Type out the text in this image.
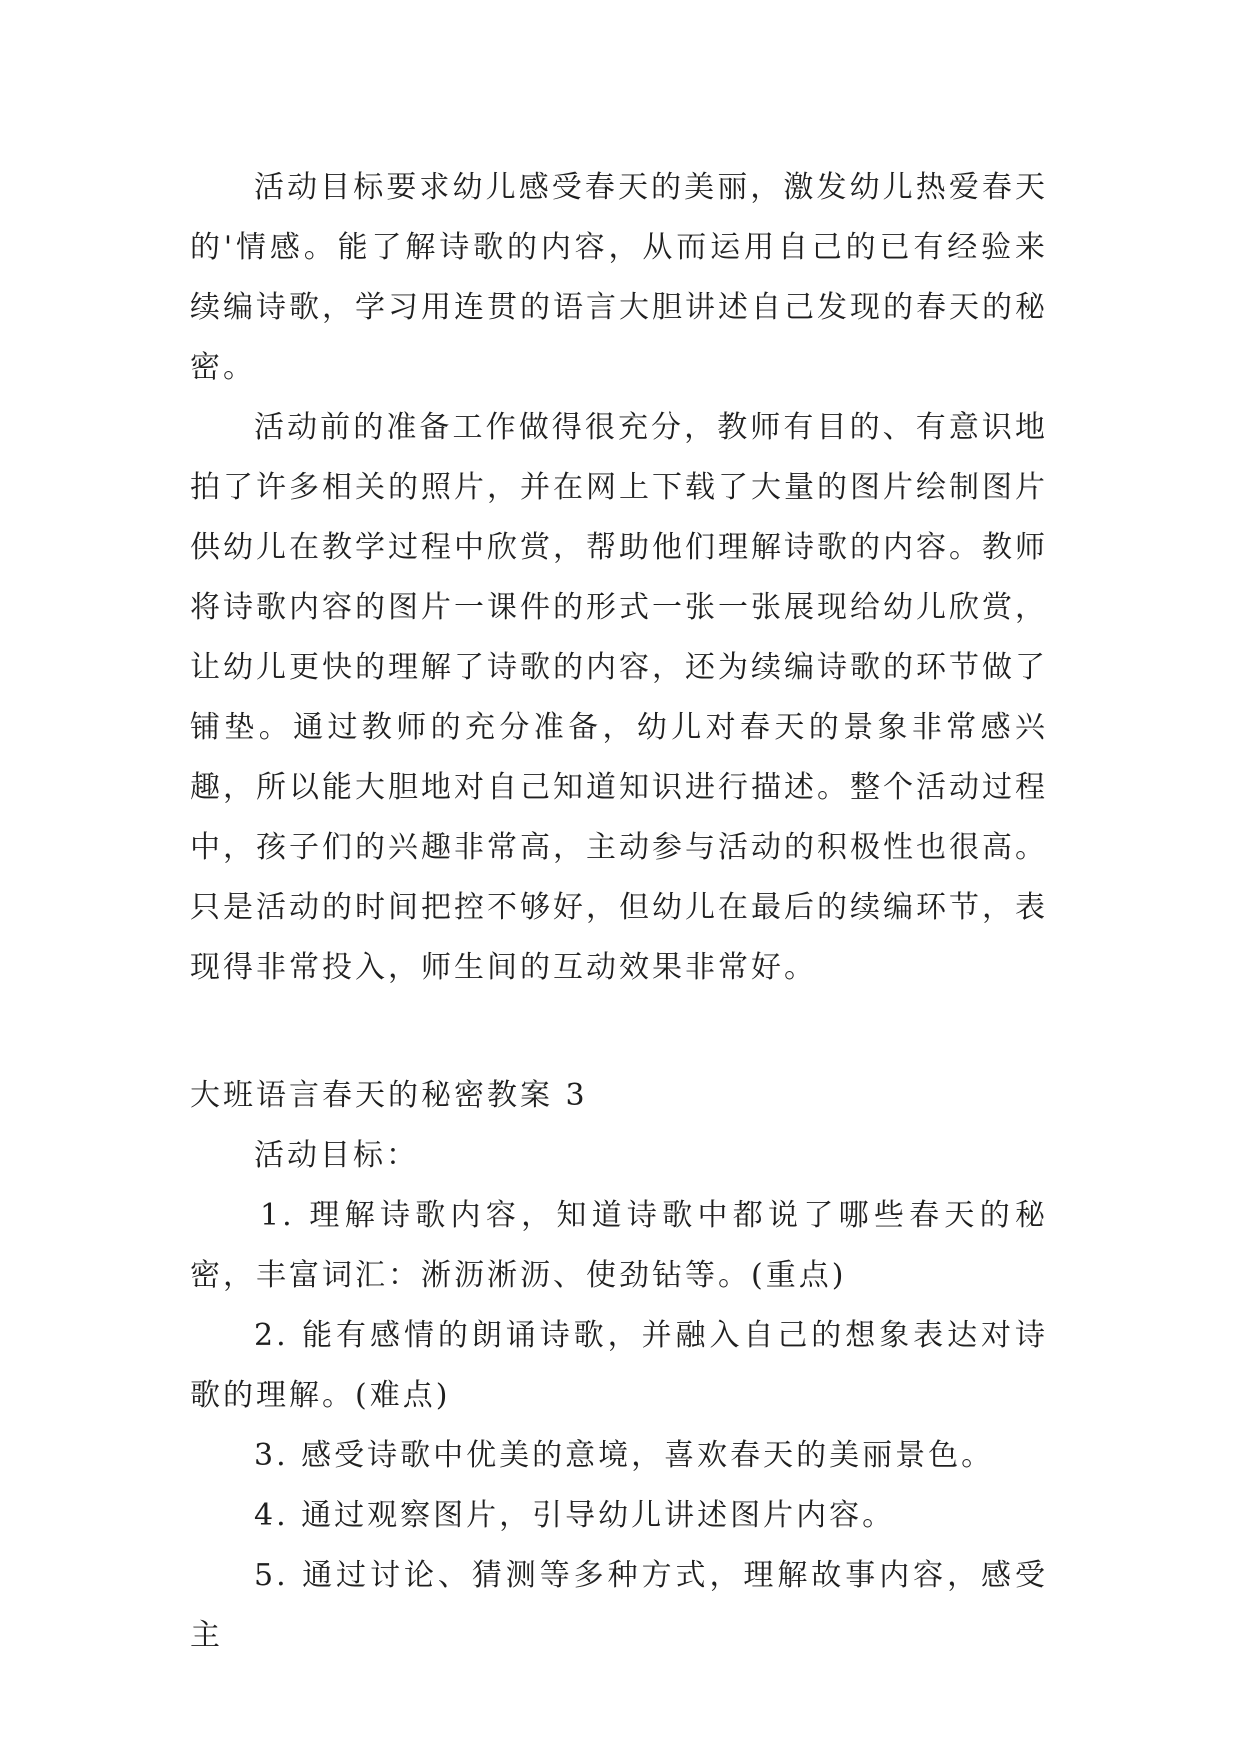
活动目标要求幼儿感受春天的美丽，激发幼儿热爱春天的'情感。能了解诗歌的内容，从而运用自己的已有经验来续编诗歌，学习用连贯的语言大胆讲述自己发现的春天的秘密。

活动前的准备工作做得很充分，教师有目的、有意识地拍了许多相关的照片，并在网上下载了大量的图片绘制图片供幼儿在教学过程中欣赏，帮助他们理解诗歌的内容。教师将诗歌内容的图片一课件的形式一张一张展现给幼儿欣赏，让幼儿更快的理解了诗歌的内容，还为续编诗歌的环节做了铺垫。通过教师的充分准备，幼儿对春天的景象非常感兴趣，所以能大胆地对自己知道知识进行描述。整个活动过程中，孩子们的兴趣非常高，主动参与活动的积极性也很高。只是活动的时间把控不够好，但幼儿在最后的续编环节，表现得非常投入，师生间的互动效果非常好。

大班语言春天的秘密教案 3

活动目标：

1. 理解诗歌内容，知道诗歌中都说了哪些春天的秘密，丰富词汇：淅沥淅沥、使劲钻等。(重点)

2. 能有感情的朗诵诗歌，并融入自己的想象表达对诗歌的理解。(难点)

3. 感受诗歌中优美的意境，喜欢春天的美丽景色。

4. 通过观察图片，引导幼儿讲述图片内容。

5. 通过讨论、猜测等多种方式，理解故事内容，感受主
